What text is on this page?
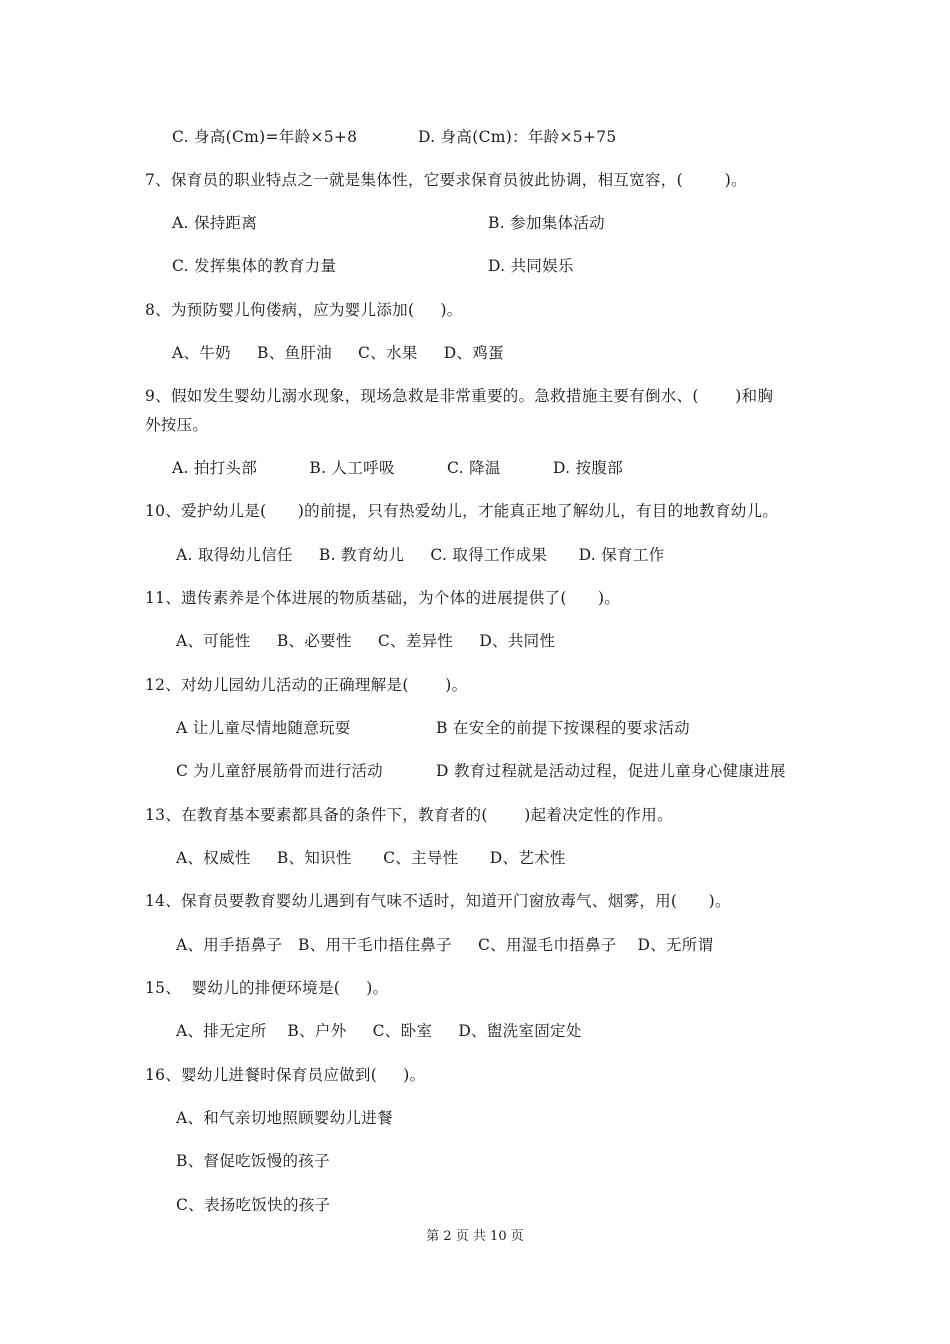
C. 身高(Cm)=年龄×5+8	D. 身高(Cm)：年龄×5+75
7、保育员的职业特点之一就是集体性，它要求保育员彼此协调，相互宽容，(        )。
A. 保持距离	B. 参加集体活动
C. 发挥集体的教育力量	D. 共同娱乐
8、为预防婴儿佝偻病，应为婴儿添加(     )。
A、牛奶     B、鱼肝油     C、水果     D、鸡蛋
9、假如发生婴幼儿溺水现象，现场急救是非常重要的。急救措施主要有倒水、(       )和胸
外按压。
A. 拍打头部          B. 人工呼吸          C. 降温          D. 按腹部
10、爱护幼儿是(      )的前提，只有热爱幼儿，才能真正地了解幼儿，有目的地教育幼儿。
A. 取得幼儿信任     B. 教育幼儿     C. 取得工作成果      D. 保育工作
11、遗传素养是个体进展的物质基础，为个体的进展提供了(      )。
A、可能性     B、必要性     C、差异性     D、共同性
12、对幼儿园幼儿活动的正确理解是(       )。
A 让儿童尽情地随意玩耍	B 在安全的前提下按课程的要求活动
C 为儿童舒展筋骨而进行活动	D 教育过程就是活动过程，促进儿童身心健康进展
13、在教育基本要素都具备的条件下，教育者的(       )起着决定性的作用。
A、权威性     B、知识性      C、主导性      D、艺术性
14、保育员要教育婴幼儿遇到有气味不适时，知道开门窗放毒气、烟雾，用(      )。
A、用手捂鼻子   B、用干毛巾捂住鼻子     C、用湿毛巾捂鼻子    D、无所谓
15、  婴幼儿的排便环境是(     )。
A、排无定所    B、户外     C、卧室     D、盥洗室固定处
16、婴幼儿进餐时保育员应做到(     )。
A、和气亲切地照顾婴幼儿进餐
B、督促吃饭慢的孩子
C、表扬吃饭快的孩子
第 2 页 共 10 页
